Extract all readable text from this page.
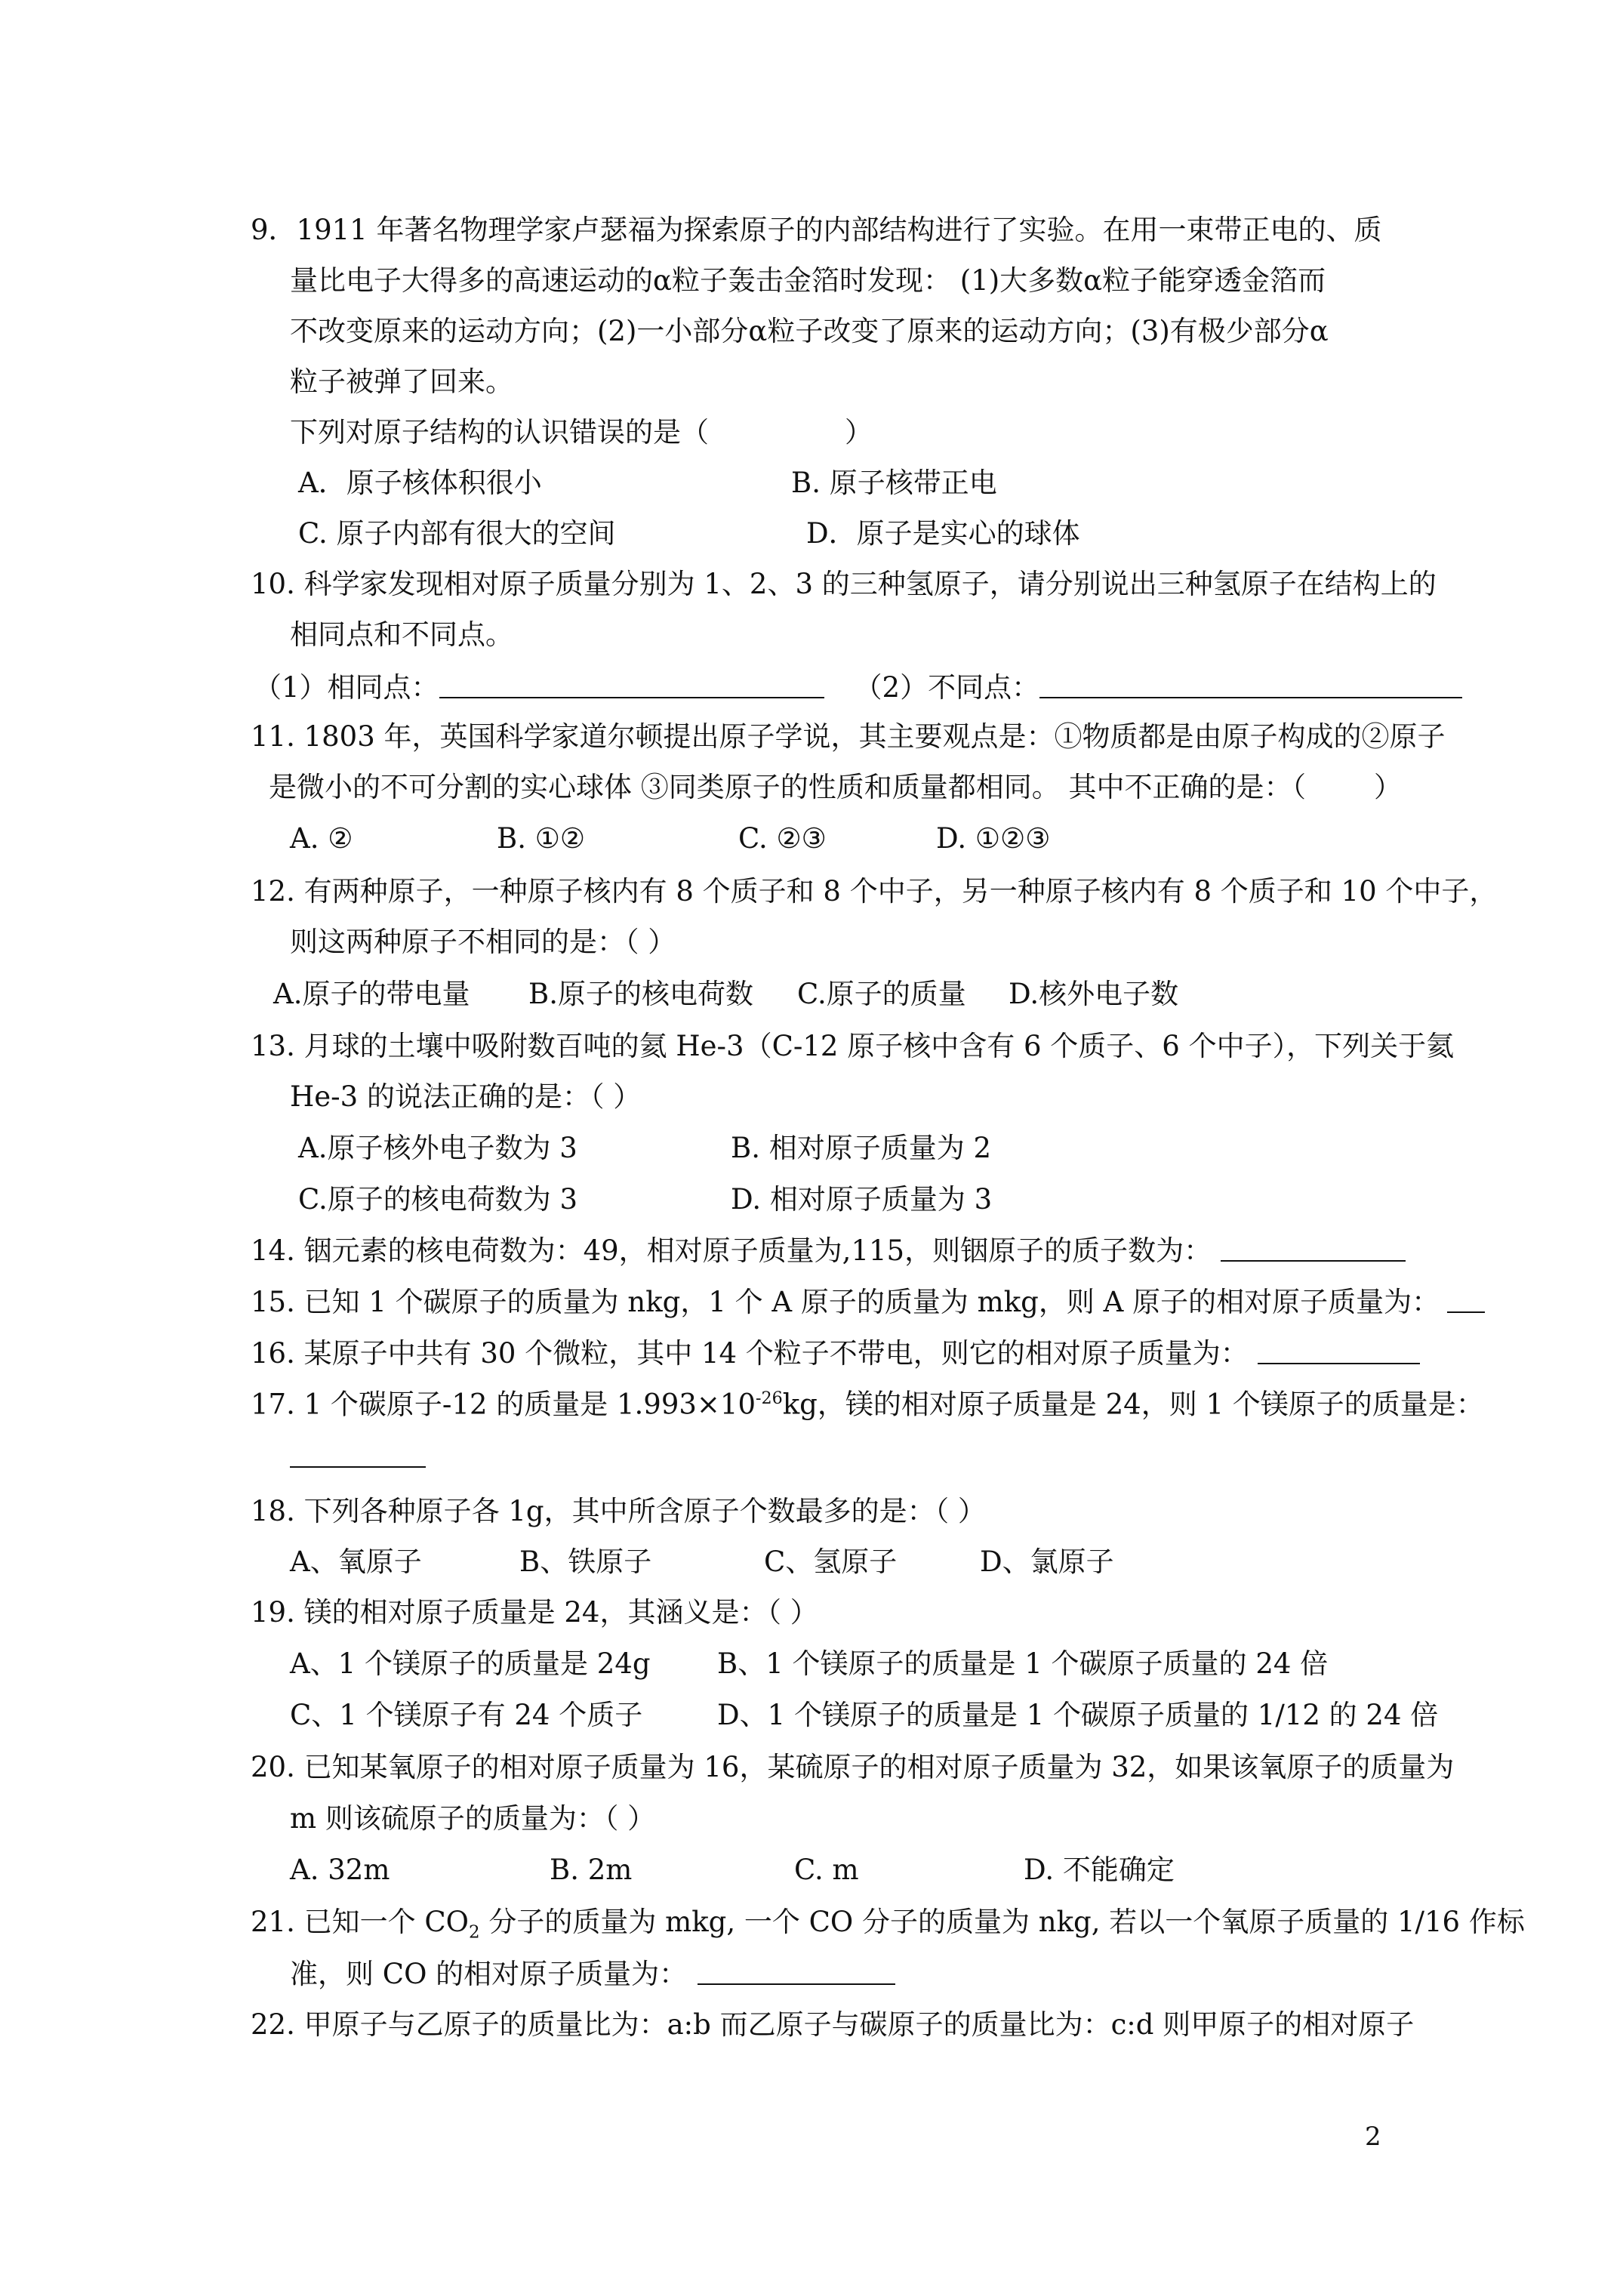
9．1911 年著名物理学家卢瑟福为探索原子的内部结构进行了实验。在用一束带正电的、质
量比电子大得多的高速运动的α粒子轰击金箔时发现： (1)大多数α粒子能穿透金箔而
不改变原来的运动方向；(2)一小部分α粒子改变了原来的运动方向；(3)有极少部分α
粒子被弹了回来。
下列对原子结构的认识错误的是（	）
A．原子核体积很小	B. 原子核带正电
C. 原子内部有很大的空间	D．原子是实心的球体
10. 科学家发现相对原子质量分别为 1、2、3 的三种氢原子，请分别说出三种氢原子在结构上的
相同点和不同点。
（1）相同点：	（2）不同点：
11. 1803 年，英国科学家道尔顿提出原子学说，其主要观点是：①物质都是由原子构成的②原子
是微小的不可分割的实心球体 ③同类原子的性质和质量都相同。 其中不正确的是：（ ）
A. ②	B. ①②	C. ②③	D. ①②③
12. 有两种原子，一种原子核内有 8 个质子和 8 个中子，另一种原子核内有 8 个质子和 10 个中子，
则这两种原子不相同的是：（ ）
A.原子的带电量 B.原子的核电荷数 C.原子的质量 D.核外电子数
13. 月球的土壤中吸附数百吨的氦 He-3（C-12 原子核中含有 6 个质子、6 个中子），下列关于氦
He-3 的说法正确的是：（ ）
A.原子核外电子数为 3	B. 相对原子质量为 2
C.原子的核电荷数为 3	D. 相对原子质量为 3
14. 铟元素的核电荷数为：49，相对原子质量为,115，则铟原子的质子数为：
15. 已知 1 个碳原子的质量为 nkg，1 个 A 原子的质量为 mkg，则 A 原子的相对原子质量为：
16. 某原子中共有 30 个微粒，其中 14 个粒子不带电，则它的相对原子质量为：
17. 1 个碳原子-12 的质量是 $1.993\times 10^{-26}kg$，镁的相对原子质量是 24，则 1 个镁原子的质量是：
18. 下列各种原子各 1g，其中所含原子个数最多的是：（ ）
A、氧原子	B、铁原子	C、氢原子	D、氯原子
19. 镁的相对原子质量是 24，其涵义是：（ ）
A、1 个镁原子的质量是 24g B、1 个镁原子的质量是 1 个碳原子质量的 24 倍
C、1 个镁原子有 24 个质子	D、1 个镁原子的质量是 1 个碳原子质量的 1/12 的 24 倍
20. 已知某氧原子的相对原子质量为 16，某硫原子的相对原子质量为 32，如果该氧原子的质量为
m 则该硫原子的质量为：（ ）
A. 32m	B. 2m	C. m	D. 不能确定
21. 已知一个 $CO_2$ 分子的质量为 mkg, 一个 CO 分子的质量为 nkg, 若以一个氧原子质量的 1/16 作标
准，则 CO 的相对原子质量为：
22. 甲原子与乙原子的质量比为：a:b 而乙原子与碳原子的质量比为：c:d 则甲原子的相对原子
2
